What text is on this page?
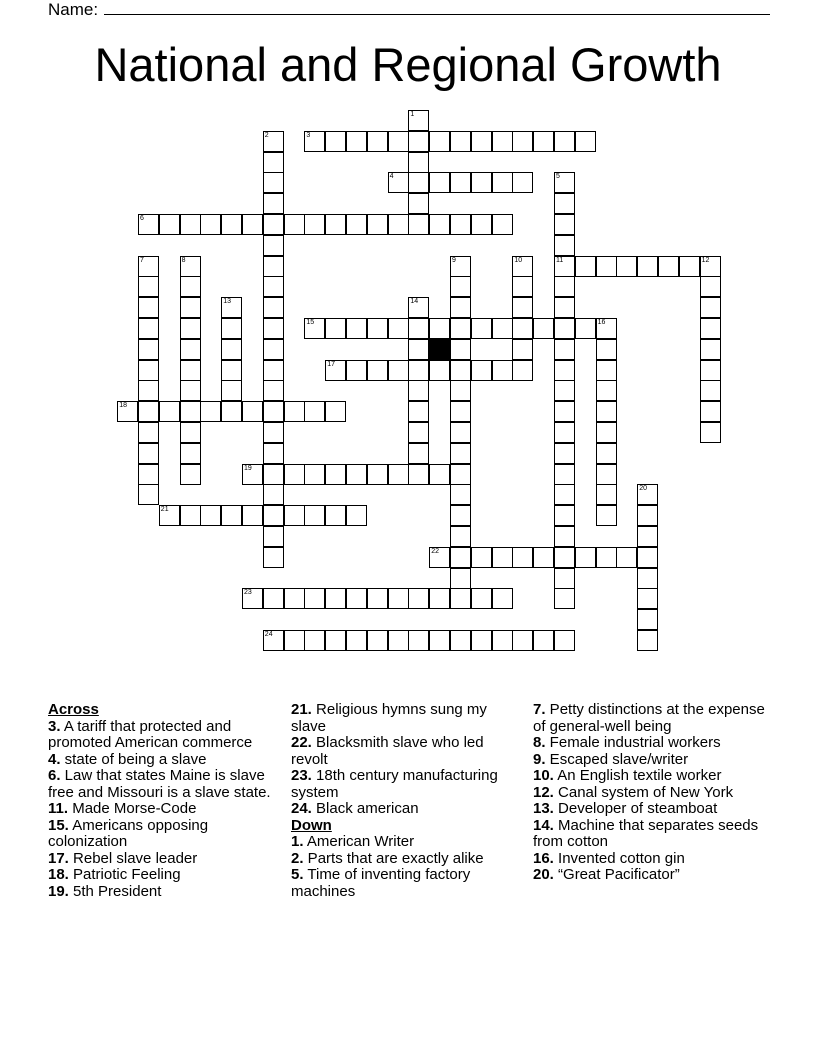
Name:
National and Regional Growth
1
2	3
4	5
11
6
7	8	9	10	12
13	14
15	16
17
18
19
20
21
22
23
24
Across
3. A tariff that protected and promoted American commerce
4. state of being a slave
6. Law that states Maine is slave free and Missouri is a slave state.
11. Made Morse-Code
15. Americans opposing colonization
17. Rebel slave leader
18. Patriotic Feeling
19. 5th President
21. Religious hymns sung my slave
22. Blacksmith slave who led revolt
23. 18th century manufacturing system
24. Black american
Down
1. American Writer
2. Parts that are exactly alike
5. Time of inventing factory machines
7. Petty distinctions at the expense of general-well being
8. Female industrial workers
9. Escaped slave/writer
10. An English textile worker
12. Canal system of New York
13. Developer of steamboat
14. Machine that separates seeds from cotton
16. Invented cotton gin
20. “Great Pacificator”
